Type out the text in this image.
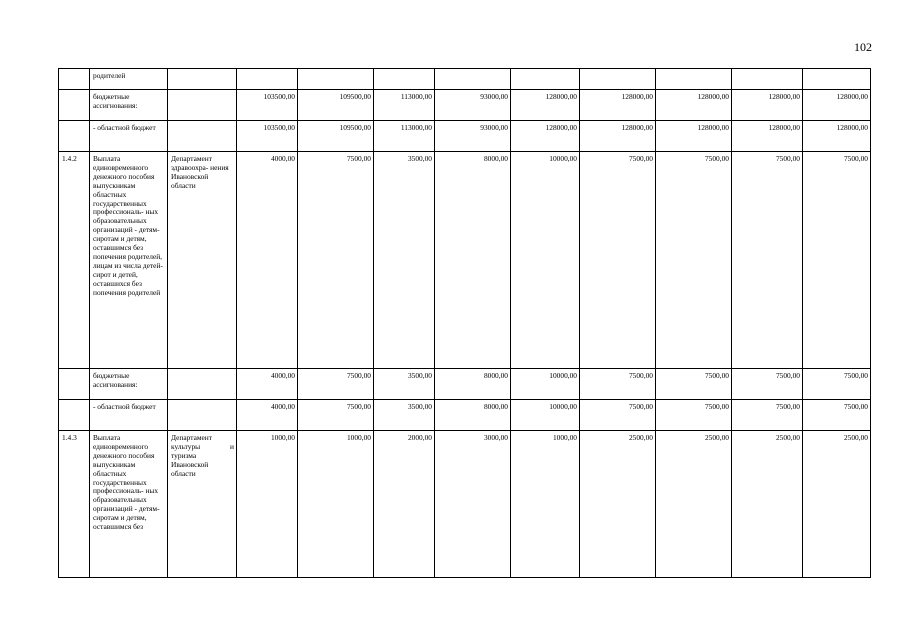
102
	родителей										
	бюджетные ассигнования:		103500,00	109500,00	113000,00	93000,00	128000,00	128000,00	128000,00	128000,00	128000,00
	- областной бюджет		103500,00	109500,00	113000,00	93000,00	128000,00	128000,00	128000,00	128000,00	128000,00
1.4.2	Выплата единовременного денежного пособия выпускникам областных государственных профессиональ- ных образовательных организаций - детям-сиротам и детям, оставшимся без попечения родителей, лицам из числа детей-сирот и детей, оставшихся без попечения родителей	Департамент здравоохра- нения Ивановской области	4000,00	7500,00	3500,00	8000,00	10000,00	7500,00	7500,00	7500,00	7500,00
	бюджетные ассигнования:		4000,00	7500,00	3500,00	8000,00	10000,00	7500,00	7500,00	7500,00	7500,00
	- областной бюджет		4000,00	7500,00	3500,00	8000,00	10000,00	7500,00	7500,00	7500,00	7500,00
1.4.3	Выплата единовременного денежного пособия выпускникам областных государственных профессиональ- ных образовательных организаций - детям-сиротам и детям, оставшимся без	Департамент культуры и
туризма Ивановской области	1000,00	1000,00	2000,00	3000,00	1000,00	2500,00	2500,00	2500,00	2500,00
